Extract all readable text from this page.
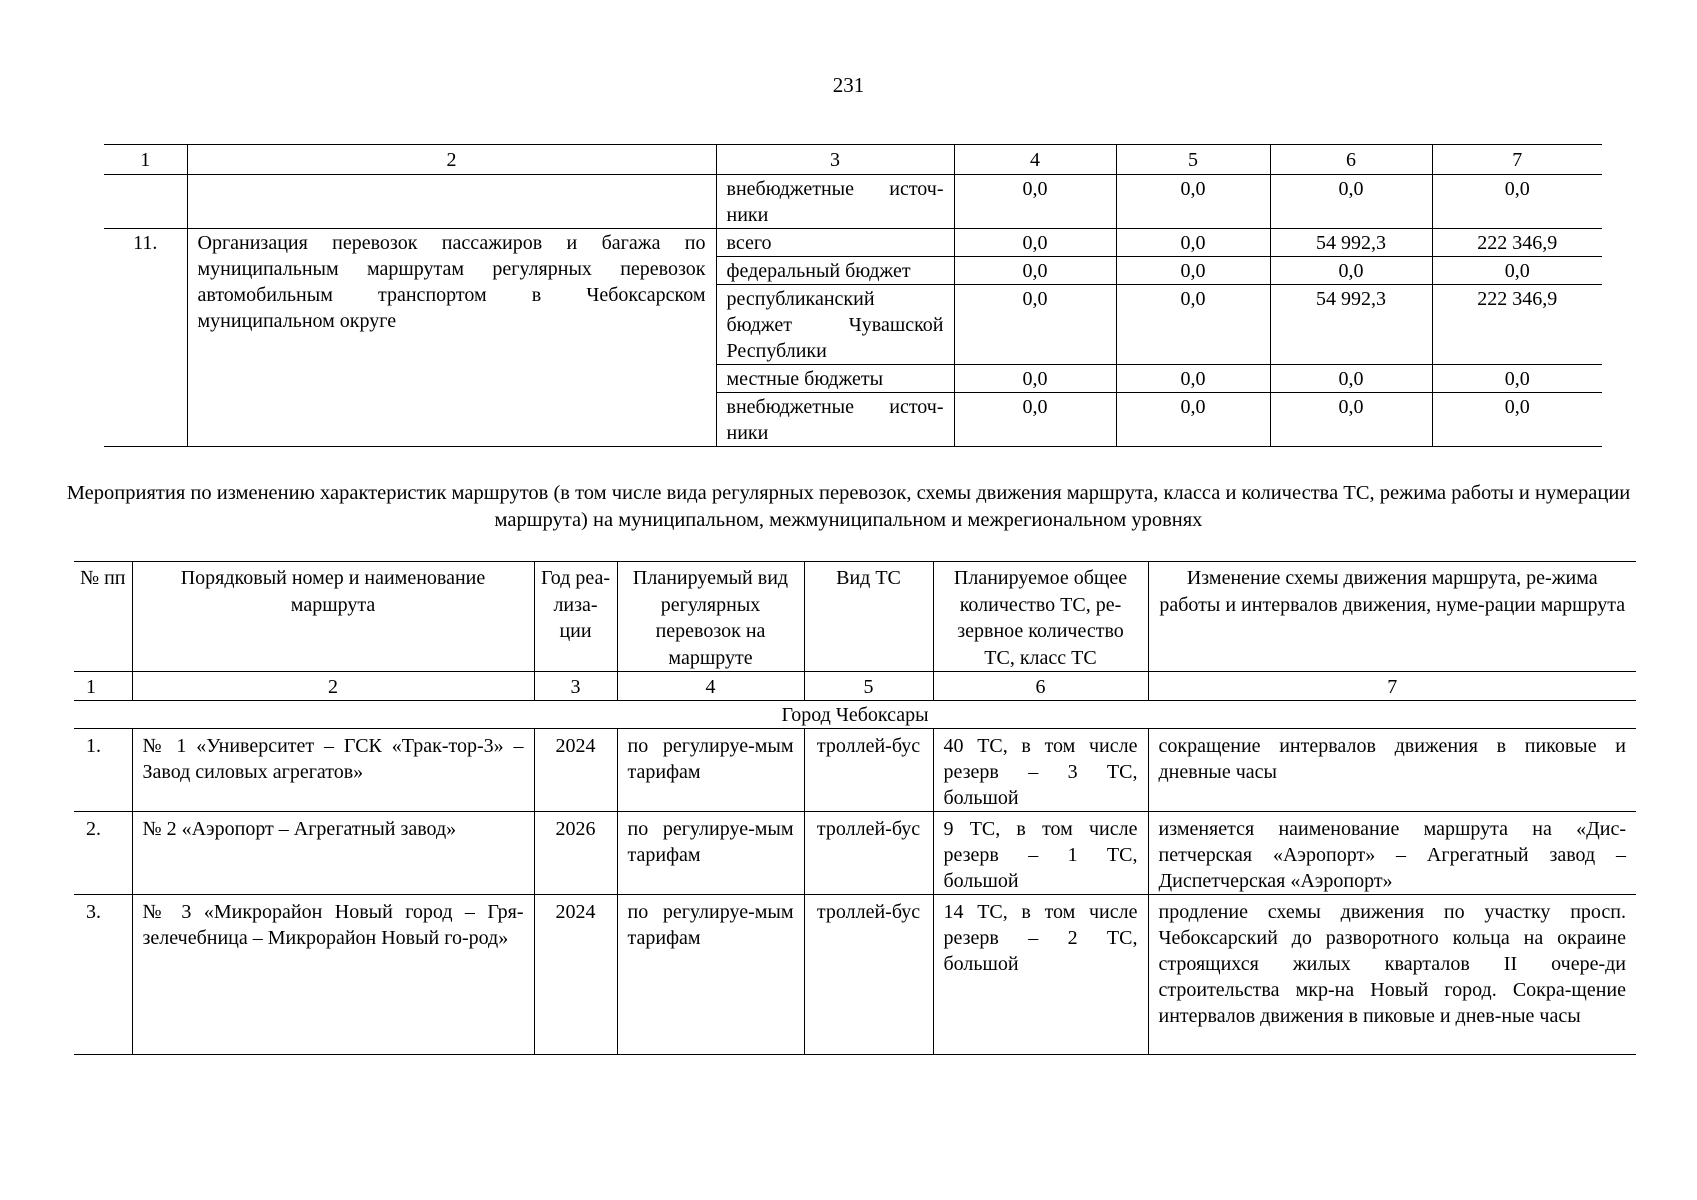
231
1	2	3	4	5	6	7
		внебюджетные источ-ники	0,0	0,0	0,0	0,0
11.	Организация перевозок пассажиров и багажа по муниципальным маршрутам регулярных перевозок автомобильным транспортом в Чебоксарском муниципальном округе	всего	0,0	0,0	54 992,3	222 346,9
		федеральный бюджет	0,0	0,0	0,0	0,0
		республиканский бюджет Чувашской Республики	0,0	0,0	54 992,3	222 346,9
		местные бюджеты	0,0	0,0	0,0	0,0
		внебюджетные источ-ники	0,0	0,0	0,0	0,0
Мероприятия по изменению характеристик маршрутов (в том числе вида регулярных перевозок, схемы движения маршрута, класса и количества ТС, режима работы и нумерации маршрута) на муниципальном, межмуниципальном и межрегиональном уровнях
№ пп	Порядковый номер и наименование маршрута	Год реа-лиза-ции	Планируемый вид регулярных перевозок на маршруте	Вид ТС	Планируемое общее количество ТС, ре-зервное количество ТС, класс ТС	Изменение схемы движения маршрута, ре-жима работы и интервалов движения, нуме-рации маршрута
1	2	3	4	5	6	7
Город Чебоксары						
1.	№ 1 «Университет – ГСК «Трак-тор-3» – Завод силовых агрегатов»	2024	по регулируе-мым тарифам	троллей-бус	40 ТС, в том числе резерв – 3 ТС, большой	сокращение интервалов движения в пиковые и дневные часы
2.	№ 2 «Аэропорт – Агрегатный завод»	2026	по регулируе-мым тарифам	троллей-бус	9 ТС, в том числе резерв – 1 ТС, большой	изменяется наименование маршрута на «Дис-петчерская «Аэропорт» – Агрегатный завод – Диспетчерская «Аэропорт»
3.	№ 3 «Микрорайон Новый город – Гря-зелечебница – Микрорайон Новый го-род»	2024	по регулируе-мым тарифам	троллей-бус	14 ТС, в том числе резерв – 2 ТС, большой	продление схемы движения по участку просп. Чебоксарский до разворотного кольца на окраине строящихся жилых кварталов II очере-ди строительства мкр-на Новый город. Сокра-щение интервалов движения в пиковые и днев-ные часы
